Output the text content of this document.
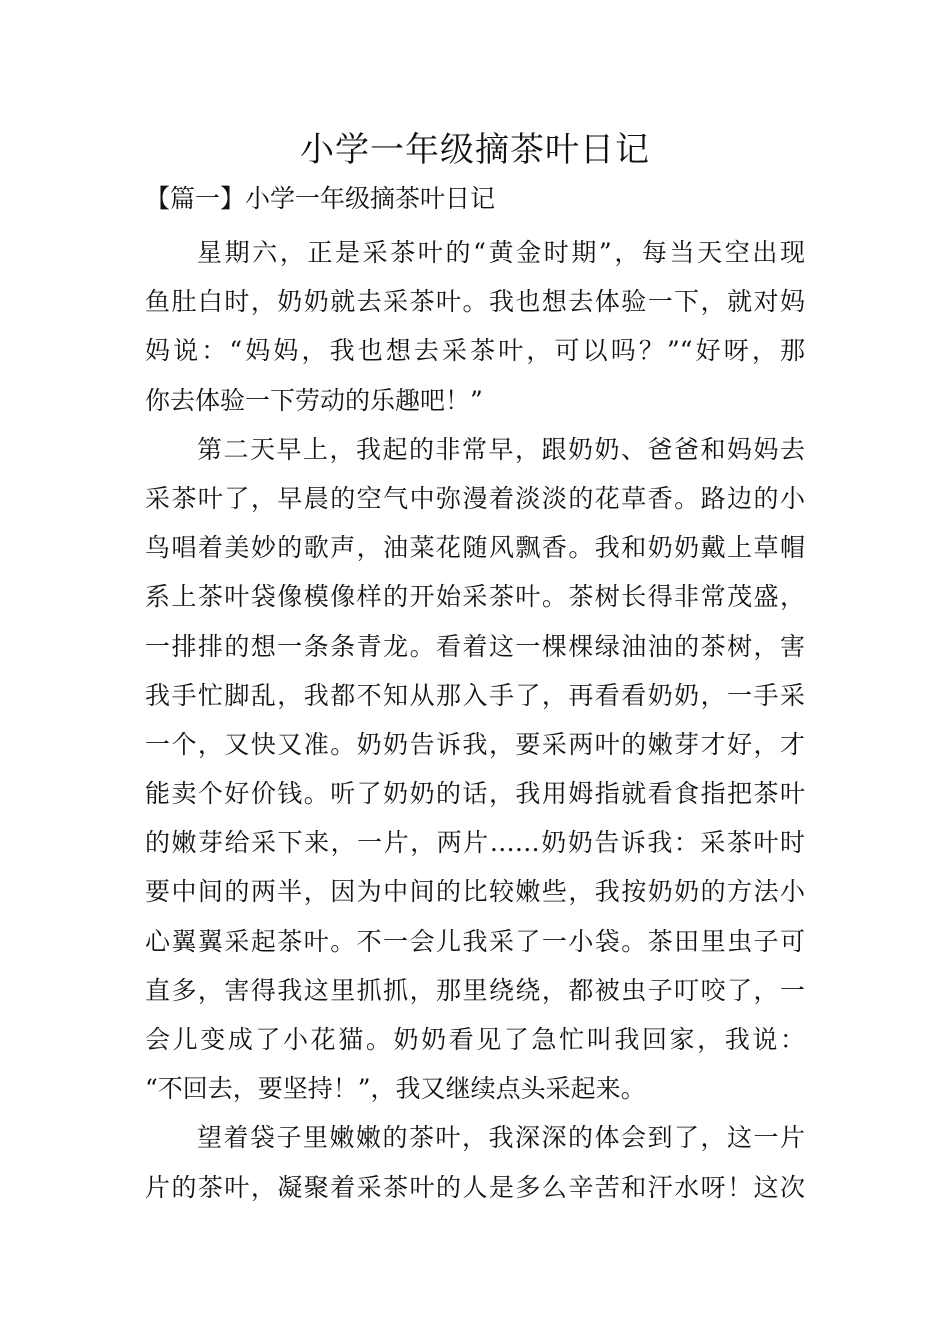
小学一年级摘茶叶日记
【篇一】小学一年级摘茶叶日记

星期六，正是采茶叶的“黄金时期”，每当天空出现
鱼肚白时，奶奶就去采茶叶。我也想去体验一下，就对妈
妈说：“妈妈，我也想去采茶叶，可以吗？”“好呀，那
你去体验一下劳动的乐趣吧！”

第二天早上，我起的非常早，跟奶奶、爸爸和妈妈去
采茶叶了，早晨的空气中弥漫着淡淡的花草香。路边的小
鸟唱着美妙的歌声，油菜花随风飘香。我和奶奶戴上草帽
系上茶叶袋像模像样的开始采茶叶。茶树长得非常茂盛，
一排排的想一条条青龙。看着这一棵棵绿油油的茶树，害
我手忙脚乱，我都不知从那入手了，再看看奶奶，一手采
一个，又快又准。奶奶告诉我，要采两叶的嫩芽才好，才
能卖个好价钱。听了奶奶的话，我用姆指就看食指把茶叶
的嫩芽给采下来，一片，两片……奶奶告诉我：采茶叶时
要中间的两半，因为中间的比较嫩些，我按奶奶的方法小
心翼翼采起茶叶。不一会儿我采了一小袋。茶田里虫子可
直多，害得我这里抓抓，那里绕绕，都被虫子叮咬了，一
会儿变成了小花猫。奶奶看见了急忙叫我回家，我说：
“不回去，要坚持！”，我又继续点头采起来。

望着袋子里嫩嫩的茶叶，我深深的体会到了，这一片
片的茶叶，凝聚着采茶叶的人是多么辛苦和汗水呀！这次
